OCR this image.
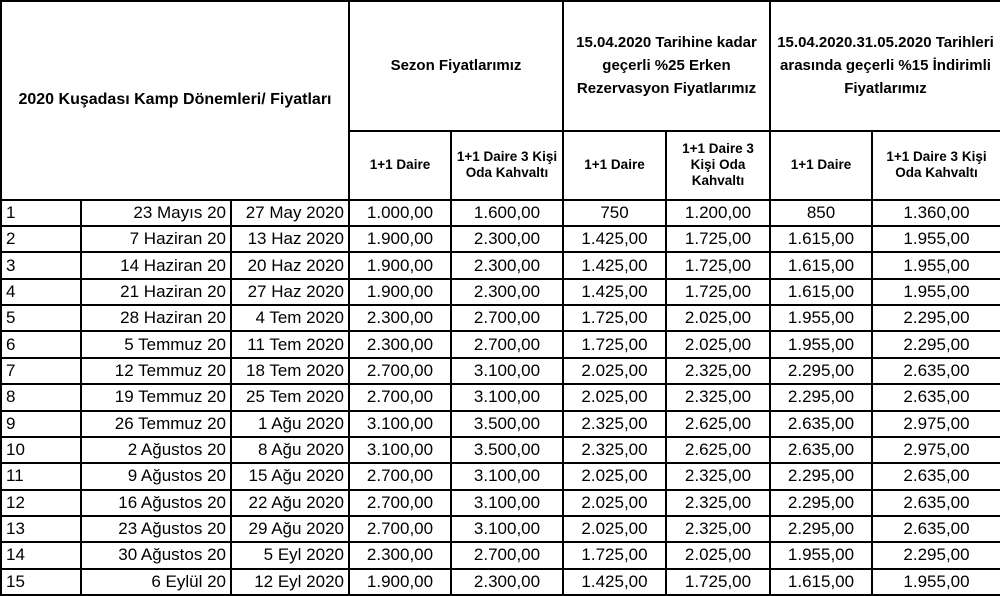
2020 Kuşadası Kamp Dönemleri/ Fiyatları			Sezon Fiyatlarımız		15.04.2020 Tarihine kadar geçerli %25 Erken Rezervasyon Fiyatlarımız		15.04.2020.31.05.2020 Tarihleri arasında geçerli %15 İndirimli Fiyatlarımız	
			1+1 Daire	1+1 Daire 3 Kişi Oda Kahvaltı	1+1 Daire	1+1 Daire 3 Kişi Oda Kahvaltı	1+1 Daire	1+1 Daire 3 Kişi Oda Kahvaltı
1	23 Mayıs 20	27 May 2020	1.000,00	1.600,00	750	1.200,00	850	1.360,00
2	7 Haziran 20	13 Haz 2020	1.900,00	2.300,00	1.425,00	1.725,00	1.615,00	1.955,00
3	14 Haziran 20	20 Haz 2020	1.900,00	2.300,00	1.425,00	1.725,00	1.615,00	1.955,00
4	21 Haziran 20	27 Haz 2020	1.900,00	2.300,00	1.425,00	1.725,00	1.615,00	1.955,00
5	28 Haziran 20	4 Tem 2020	2.300,00	2.700,00	1.725,00	2.025,00	1.955,00	2.295,00
6	5 Temmuz 20	11 Tem 2020	2.300,00	2.700,00	1.725,00	2.025,00	1.955,00	2.295,00
7	12 Temmuz 20	18 Tem 2020	2.700,00	3.100,00	2.025,00	2.325,00	2.295,00	2.635,00
8	19 Temmuz 20	25 Tem 2020	2.700,00	3.100,00	2.025,00	2.325,00	2.295,00	2.635,00
9	26 Temmuz 20	1 Ağu 2020	3.100,00	3.500,00	2.325,00	2.625,00	2.635,00	2.975,00
10	2 Ağustos 20	8 Ağu 2020	3.100,00	3.500,00	2.325,00	2.625,00	2.635,00	2.975,00
11	9 Ağustos 20	15 Ağu 2020	2.700,00	3.100,00	2.025,00	2.325,00	2.295,00	2.635,00
12	16 Ağustos 20	22 Ağu 2020	2.700,00	3.100,00	2.025,00	2.325,00	2.295,00	2.635,00
13	23 Ağustos 20	29 Ağu 2020	2.700,00	3.100,00	2.025,00	2.325,00	2.295,00	2.635,00
14	30 Ağustos 20	5 Eyl 2020	2.300,00	2.700,00	1.725,00	2.025,00	1.955,00	2.295,00
15	6 Eylül 20	12 Eyl 2020	1.900,00	2.300,00	1.425,00	1.725,00	1.615,00	1.955,00
